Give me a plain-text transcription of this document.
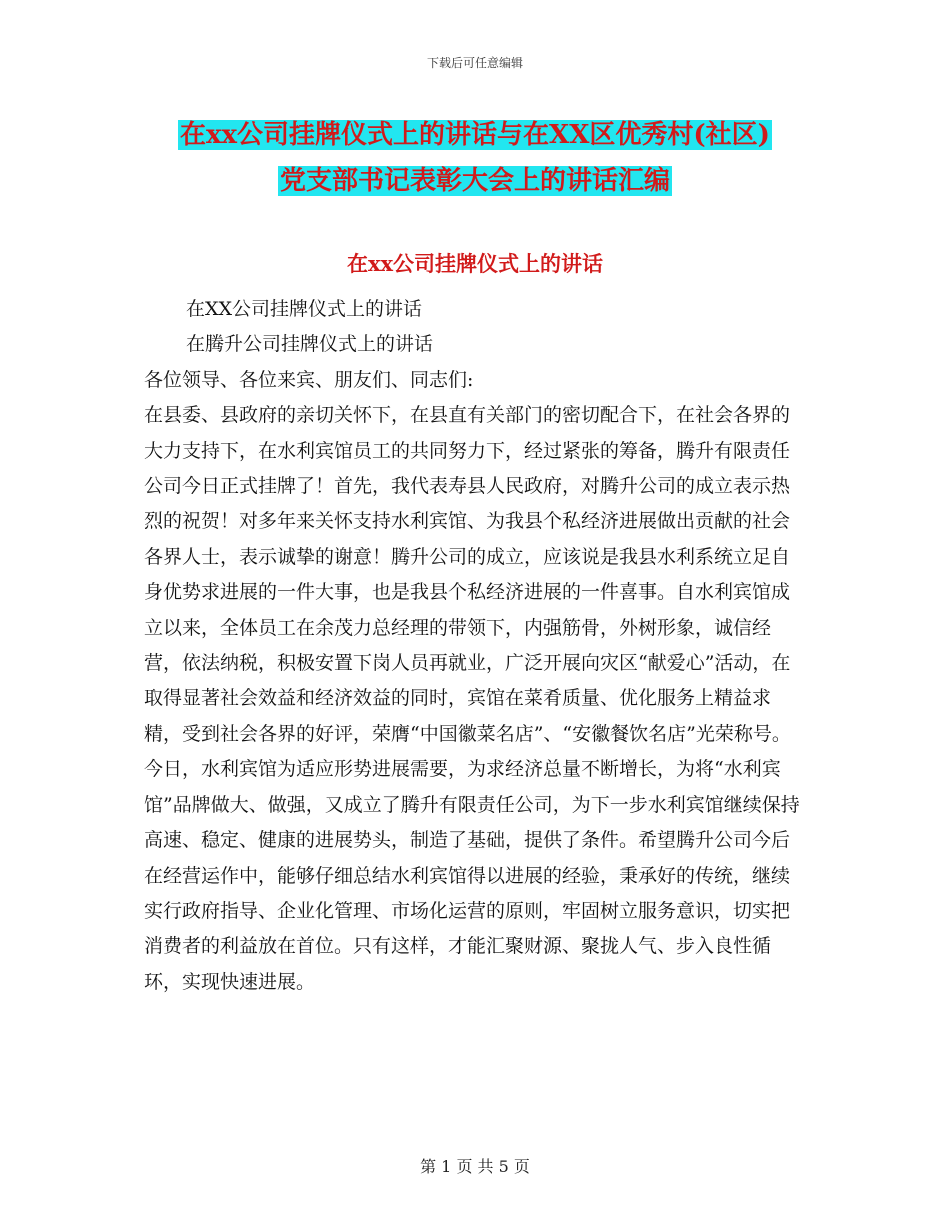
下载后可任意编辑
在xx公司挂牌仪式上的讲话与在XX区优秀村(社区)
党支部书记表彰大会上的讲话汇编
在xx公司挂牌仪式上的讲话

在XX公司挂牌仪式上的讲话

在腾升公司挂牌仪式上的讲话

各位领导、各位来宾、朋友们、同志们:

在县委、县政府的亲切关怀下，在县直有关部门的密切配合下，在社会各界的大力支持下，在水利宾馆员工的共同努力下，经过紧张的筹备，腾升有限责任公司今日正式挂牌了！首先，我代表寿县人民政府，对腾升公司的成立表示热烈的祝贺！对多年来关怀支持水利宾馆、为我县个私经济进展做出贡献的社会各界人士，表示诚挚的谢意！腾升公司的成立，应该说是我县水利系统立足自身优势求进展的一件大事，也是我县个私经济进展的一件喜事。自水利宾馆成立以来，全体员工在余茂力总经理的带领下，内强筋骨，外树形象，诚信经营，依法纳税，积极安置下岗人员再就业，广泛开展向灾区“献爱心”活动，在取得显著社会效益和经济效益的同时，宾馆在菜肴质量、优化服务上精益求精，受到社会各界的好评，荣膺“中国徽菜名店”、“安徽餐饮名店”光荣称号。今日，水利宾馆为适应形势进展需要，为求经济总量不断增长，为将“水利宾馆”品牌做大、做强，又成立了腾升有限责任公司，为下一步水利宾馆继续保持高速、稳定、健康的进展势头，制造了基础，提供了条件。希望腾升公司今后在经营运作中，能够仔细总结水利宾馆得以进展的经验，秉承好的传统，继续实行政府指导、企业化管理、市场化运营的原则，牢固树立服务意识，切实把消费者的利益放在首位。只有这样，才能汇聚财源、聚拢人气、步入良性循环，实现快速进展。

第 1 页 共 5 页
